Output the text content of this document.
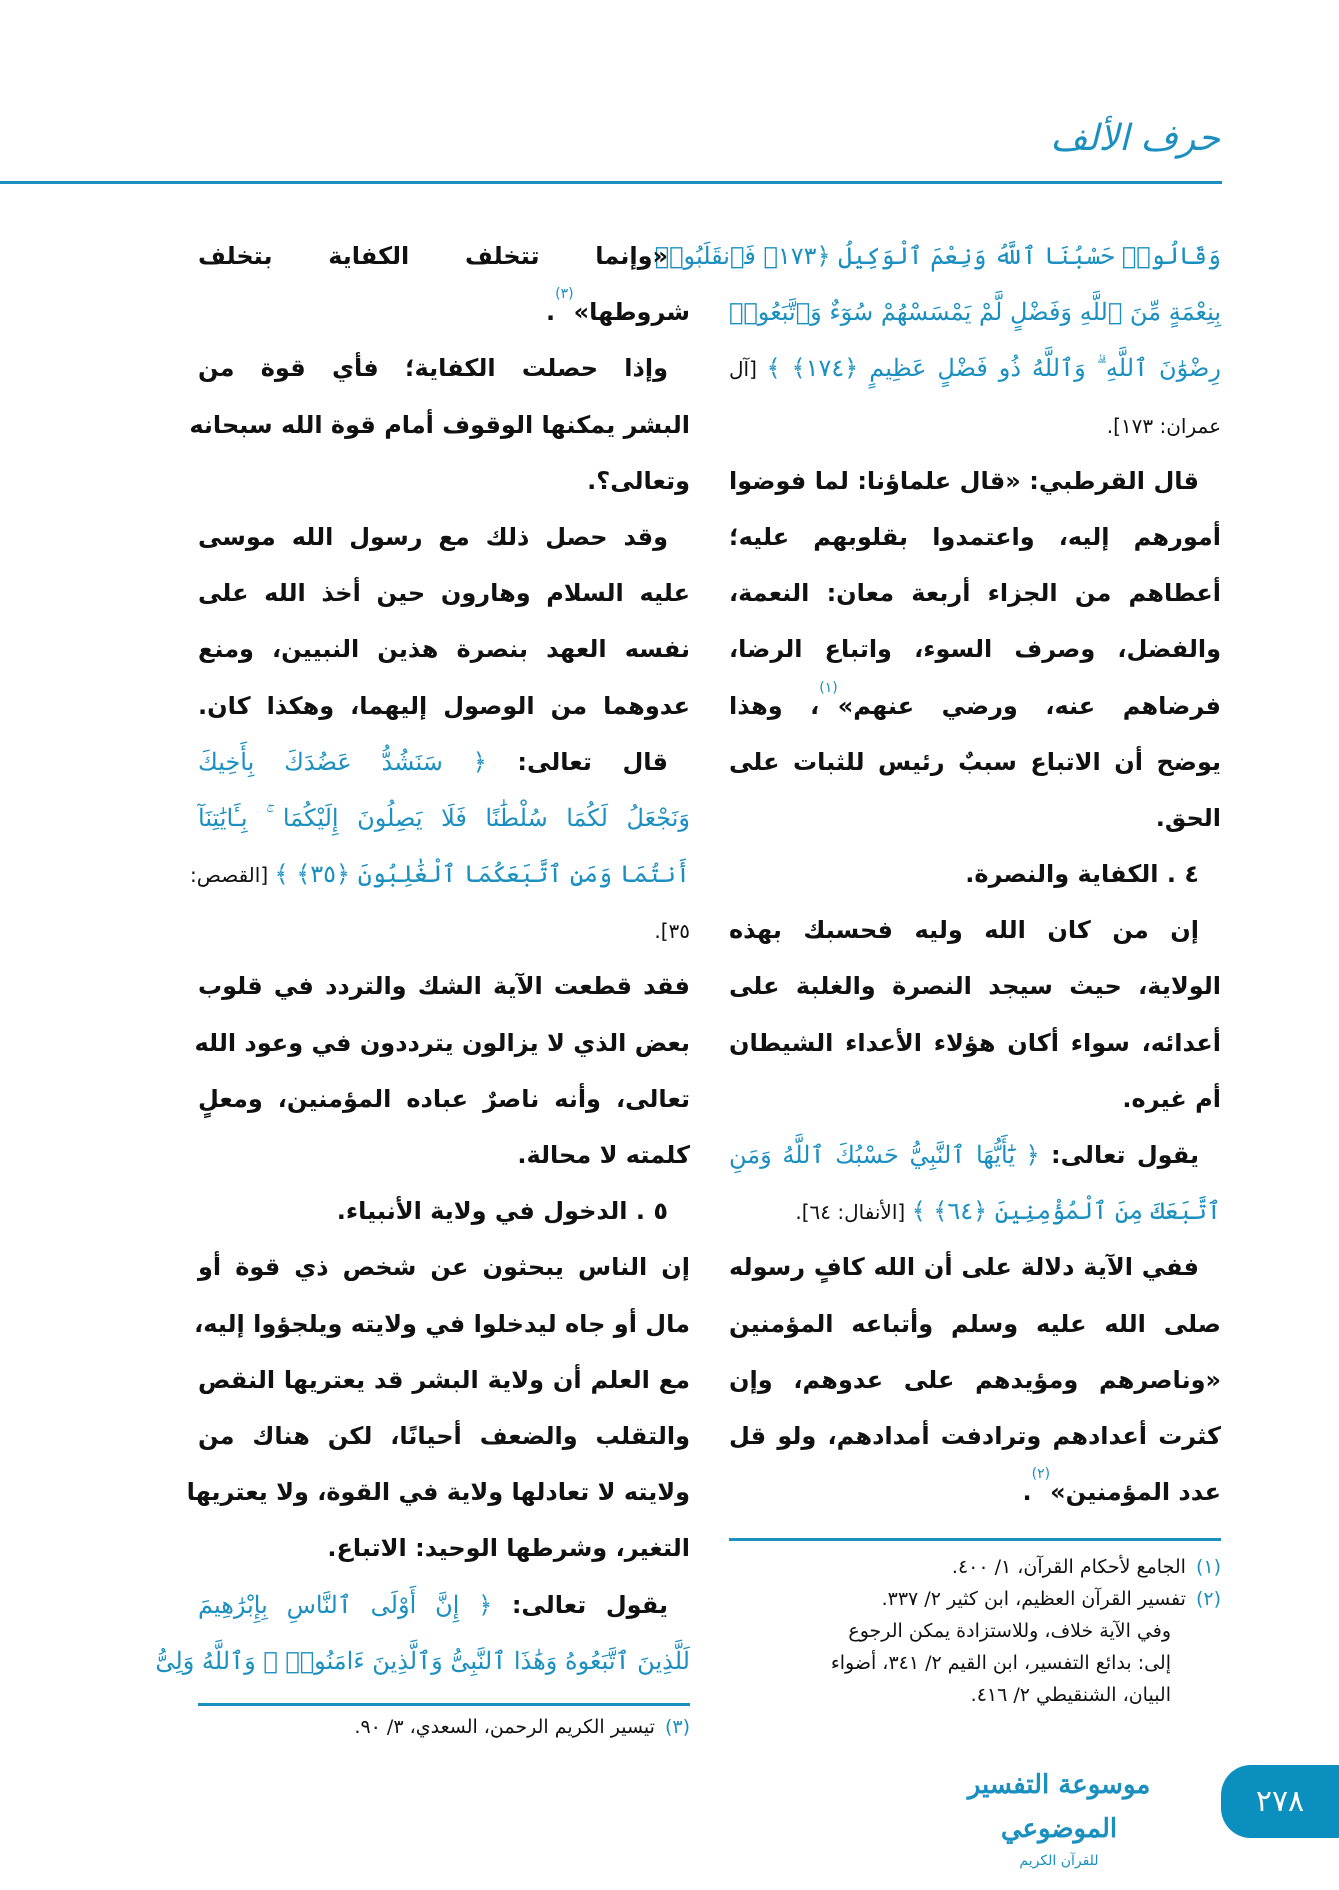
حرف الألف
وَقَالُوا۟ حَسْبُنَا ٱللَّهُ وَنِعْمَ ٱلْوَكِيلُ ﴿١٧٣﴾ فَٱنقَلَبُوا۟
بِنِعْمَةٍ مِّنَ ٱللَّهِ وَفَضْلٍ لَّمْ يَمْسَسْهُمْ سُوٓءٌ وَٱتَّبَعُوا۟
رِضْوَٰنَ ٱللَّهِ ۗ وَٱللَّهُ ذُو فَضْلٍ عَظِيمٍ ﴿١٧٤﴾ ﴾ [آل
عمران: ١٧٣].
قال القرطبي: «قال علماؤنا: لما فوضوا
أمورهم إليه، واعتمدوا بقلوبهم عليه؛
أعطاهم من الجزاء أربعة معان: النعمة،
والفضل، وصرف السوء، واتباع الرضا،
فرضاهم عنه، ورضي عنهم»$^{(١)}$، وهذا
يوضح أن الاتباع سببٌ رئيس للثبات على
الحق.
٤ . الكفاية والنصرة.
إن من كان الله وليه فحسبك بهذه
الولاية، حيث سيجد النصرة والغلبة على
أعدائه، سواء أكان هؤلاء الأعداء الشيطان
أم غيره.
يقول تعالى: ﴿ يَٰٓأَيُّهَا ٱلنَّبِيُّ حَسْبُكَ ٱللَّهُ وَمَنِ
ٱتَّبَعَكَ مِنَ ٱلْمُؤْمِنِينَ ﴿٦٤﴾ ﴾ [الأنفال: ٦٤].
ففي الآية دلالة على أن الله كافٍ رسوله
صلى الله عليه وسلم وأتباعه المؤمنين
«وناصرهم ومؤيدهم على عدوهم، وإن
كثرت أعدادهم وترادفت أمدادهم، ولو قل
عدد المؤمنين»$^{(٢)}$.
«وإنما تتخلف الكفاية بتخلف
شروطها»$^{(٣)}$.
وإذا حصلت الكفاية؛ فأي قوة من
البشر يمكنها الوقوف أمام قوة الله سبحانه
وتعالى؟.
وقد حصل ذلك مع رسول الله موسى
عليه السلام وهارون حين أخذ الله على
نفسه العهد بنصرة هذين النبيين، ومنع
عدوهما من الوصول إليهما، وهكذا كان.
قال تعالى: ﴿ سَنَشُدُّ عَضُدَكَ بِأَخِيكَ
وَنَجْعَلُ لَكُمَا سُلْطَٰنًا فَلَا يَصِلُونَ إِلَيْكُمَا ۚ بِـَٔايَٰتِنَآ
أَنتُمَا وَمَنِ ٱتَّبَعَكُمَا ٱلْغَٰلِبُونَ ﴿٣٥﴾ ﴾ [القصص:
٣٥].
فقد قطعت الآية الشك والتردد في قلوب
بعض الذي لا يزالون يترددون في وعود الله
تعالى، وأنه ناصرٌ عباده المؤمنين، ومعلٍ
كلمته لا محالة.
٥ . الدخول في ولاية الأنبياء.
إن الناس يبحثون عن شخص ذي قوة أو
مال أو جاه ليدخلوا في ولايته ويلجؤوا إليه،
مع العلم أن ولاية البشر قد يعتريها النقص
والتقلب والضعف أحيانًا، لكن هناك من
ولايته لا تعادلها ولاية في القوة، ولا يعتريها
التغير، وشرطها الوحيد: الاتباع.
يقول تعالى: ﴿ إِنَّ أَوْلَى ٱلنَّاسِ بِإِبْرَٰهِيمَ
لَلَّذِينَ ٱتَّبَعُوهُ وَهَٰذَا ٱلنَّبِىُّ وَٱلَّذِينَ ءَامَنُوا۟ ۗ وَٱللَّهُ وَلِىُّ
(١)الجامع لأحكام القرآن، ١/ ٤٠٠.
(٢)تفسير القرآن العظيم، ابن كثير ٢/ ٣٣٧.
وفي الآية خلاف، وللاستزادة يمكن الرجوع
إلى: بدائع التفسير، ابن القيم ٢/ ٣٤١، أضواء
البيان، الشنقيطي ٢/ ٤١٦.
(٣)تيسير الكريم الرحمن، السعدي، ٣/ ٩٠.
موسوعة التفسير الموضوعي
للقرآن الكريم
٢٧٨
